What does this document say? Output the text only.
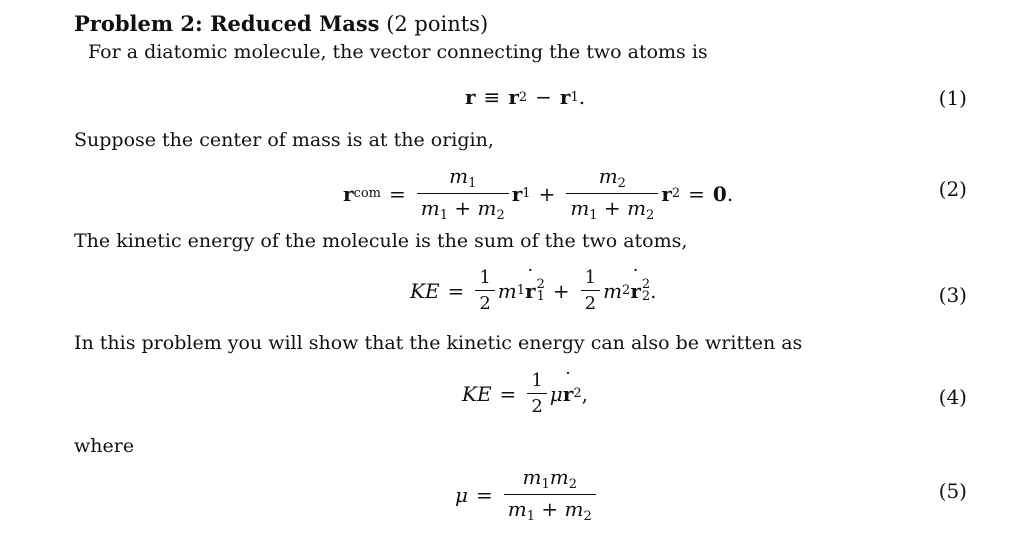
Problem 2: Reduced Mass (2 points)
For a diatomic molecule, the vector connecting the two atoms is
r ≡ r 2 − r 1 .	(1)
Suppose the center of mass is at the origin,
r com = $\frac{m_1}{m_1 + m_2}$ r $1 + \frac{m_2}{m_1 + m_2}$ r 2 = 0 .	(2)
The kinetic energy of the molecule is the sum of the two atoms,
KE = $\frac{1}{2}$ m 1 ˙ r 2
$1 + \frac{1}{2}$ m 2 ˙ r 2
2 .	(3)
In this problem you will show that the kinetic energy can also be written as
KE = $\frac{1}{2}$ μ ˙ r 2 ,	(4)
where
$\mu = \frac{m_1m_2}{m_1 + m_2}$	(5)
